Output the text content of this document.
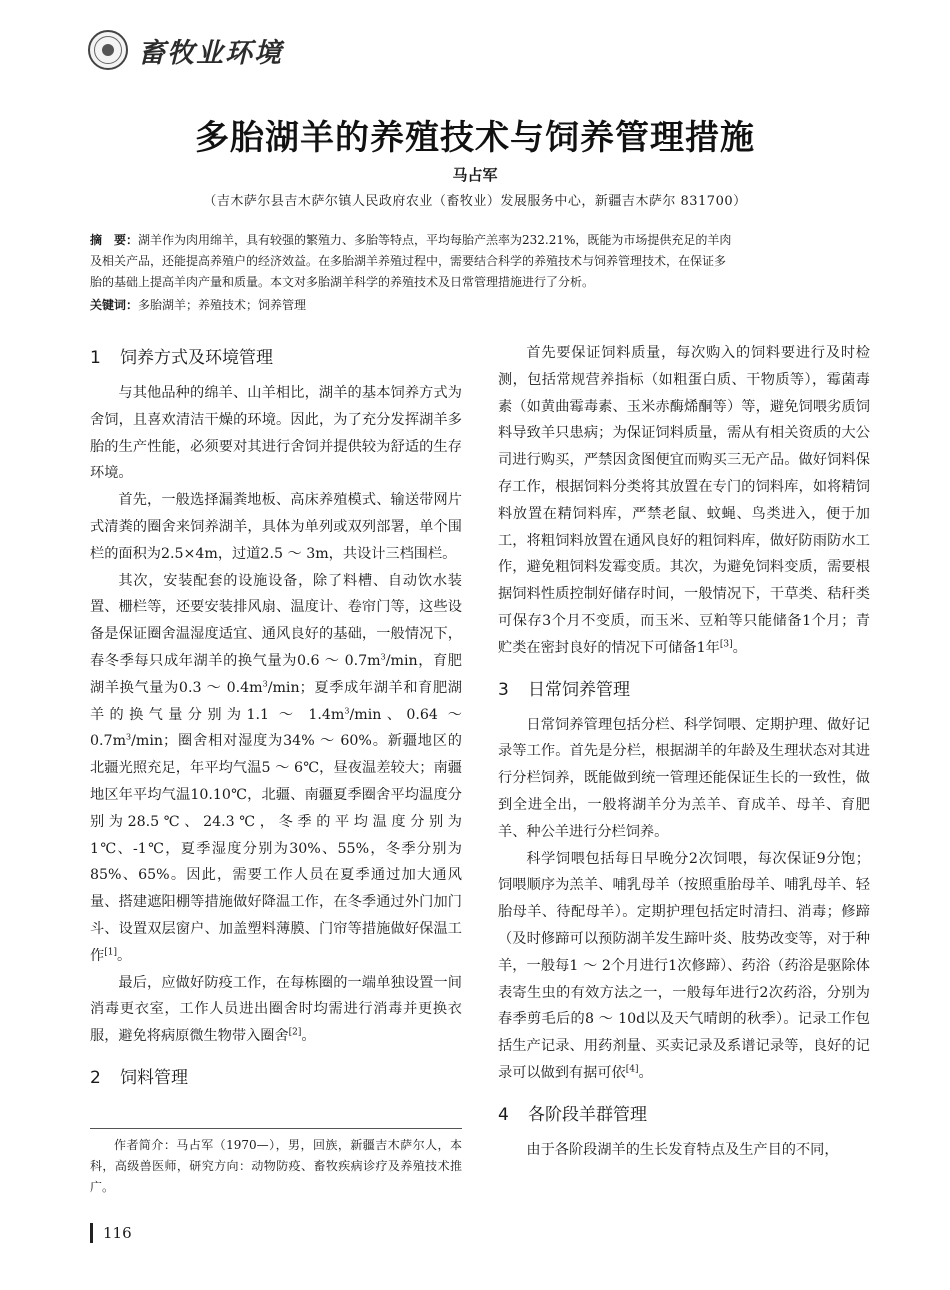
畜牧业环境
多胎湖羊的养殖技术与饲养管理措施
马占军
（吉木萨尔县吉木萨尔镇人民政府农业（畜牧业）发展服务中心，新疆吉木萨尔 831700）
摘　要：湖羊作为肉用绵羊，具有较强的繁殖力、多胎等特点，平均每胎产羔率为232.21%，既能为市场提供充足的羊肉
及相关产品，还能提高养殖户的经济效益。在多胎湖羊养殖过程中，需要结合科学的养殖技术与饲养管理技术，在保证多
胎的基础上提高羊肉产量和质量。本文对多胎湖羊科学的养殖技术及日常管理措施进行了分析。
关键词：多胎湖羊；养殖技术；饲养管理
1 饲养方式及环境管理

与其他品种的绵羊、山羊相比，湖羊的基本饲养方式为舍饲，且喜欢清洁干燥的环境。因此，为了充分发挥湖羊多胎的生产性能，必须要对其进行舍饲并提供较为舒适的生存环境。

首先，一般选择漏粪地板、高床养殖模式、输送带网片式清粪的圈舍来饲养湖羊，具体为单列或双列部署，单个围栏的面积为2.5×4m，过道2.5 ～ 3m，共设计三档围栏。

其次，安装配套的设施设备，除了料槽、自动饮水装置、栅栏等，还要安装排风扇、温度计、卷帘门等，这些设备是保证圈舍温湿度适宜、通风良好的基础，一般情况下，春冬季每只成年湖羊的换气量为0.6 ～ $0.7m^3/\min$，育肥湖羊换气量为0.3 ～ $0.4m^3/\min$；夏季成年湖羊和育肥湖羊的换气量分别为1.1 ～ $1.4m^3/\min$、0.64 ～ $0.7m^3/\min$；圈舍相对湿度为34% ～ 60%。新疆地区的北疆光照充足，年平均气温5 ～ 6℃，昼夜温差较大；南疆地区年平均气温10.10℃，北疆、南疆夏季圈舍平均温度分别为28.5℃、24.3℃，冬季的平均温度分别为1℃、-1℃，夏季湿度分别为30%、55%，冬季分别为85%、65%。因此，需要工作人员在夏季通过加大通风量、搭建遮阳棚等措施做好降温工作，在冬季通过外门加门斗、设置双层窗户、加盖塑料薄膜、门帘等措施做好保温工作[1]。

最后，应做好防疫工作，在每栋圈的一端单独设置一间消毒更衣室，工作人员进出圈舍时均需进行消毒并更换衣服，避免将病原微生物带入圈舍[2]。

2 饲料管理
作者简介：马占军（1970—），男，回族，新疆吉木萨尔人，本科，高级兽医师，研究方向：动物防疫、畜牧疾病诊疗及养殖技术推广。

首先要保证饲料质量，每次购入的饲料要进行及时检测，包括常规营养指标（如粗蛋白质、干物质等），霉菌毒素（如黄曲霉毒素、玉米赤酶烯酮等）等，避免饲喂劣质饲料导致羊只患病；为保证饲料质量，需从有相关资质的大公司进行购买，严禁因贪图便宜而购买三无产品。做好饲料保存工作，根据饲料分类将其放置在专门的饲料库，如将精饲料放置在精饲料库，严禁老鼠、蚊蝇、鸟类进入，便于加工，将粗饲料放置在通风良好的粗饲料库，做好防雨防水工作，避免粗饲料发霉变质。其次，为避免饲料变质，需要根据饲料性质控制好储存时间，一般情况下，干草类、秸秆类可保存3个月不变质，而玉米、豆粕等只能储备1个月；青贮类在密封良好的情况下可储备1年[3]。

3 日常饲养管理

日常饲养管理包括分栏、科学饲喂、定期护理、做好记录等工作。首先是分栏，根据湖羊的年龄及生理状态对其进行分栏饲养，既能做到统一管理还能保证生长的一致性，做到全进全出，一般将湖羊分为羔羊、育成羊、母羊、育肥羊、种公羊进行分栏饲养。

科学饲喂包括每日早晚分2次饲喂，每次保证9分饱；饲喂顺序为羔羊、哺乳母羊（按照重胎母羊、哺乳母羊、轻胎母羊、待配母羊）。定期护理包括定时清扫、消毒；修蹄（及时修蹄可以预防湖羊发生蹄叶炎、肢势改变等，对于种羊，一般每1 ～ 2个月进行1次修蹄）、药浴（药浴是驱除体表寄生虫的有效方法之一，一般每年进行2次药浴，分别为春季剪毛后的8 ～ 10d以及天气晴朗的秋季）。记录工作包括生产记录、用药剂量、买卖记录及系谱记录等，良好的记录可以做到有据可依[4]。

4 各阶段羊群管理

由于各阶段湖羊的生长发育特点及生产目的不同，

116
